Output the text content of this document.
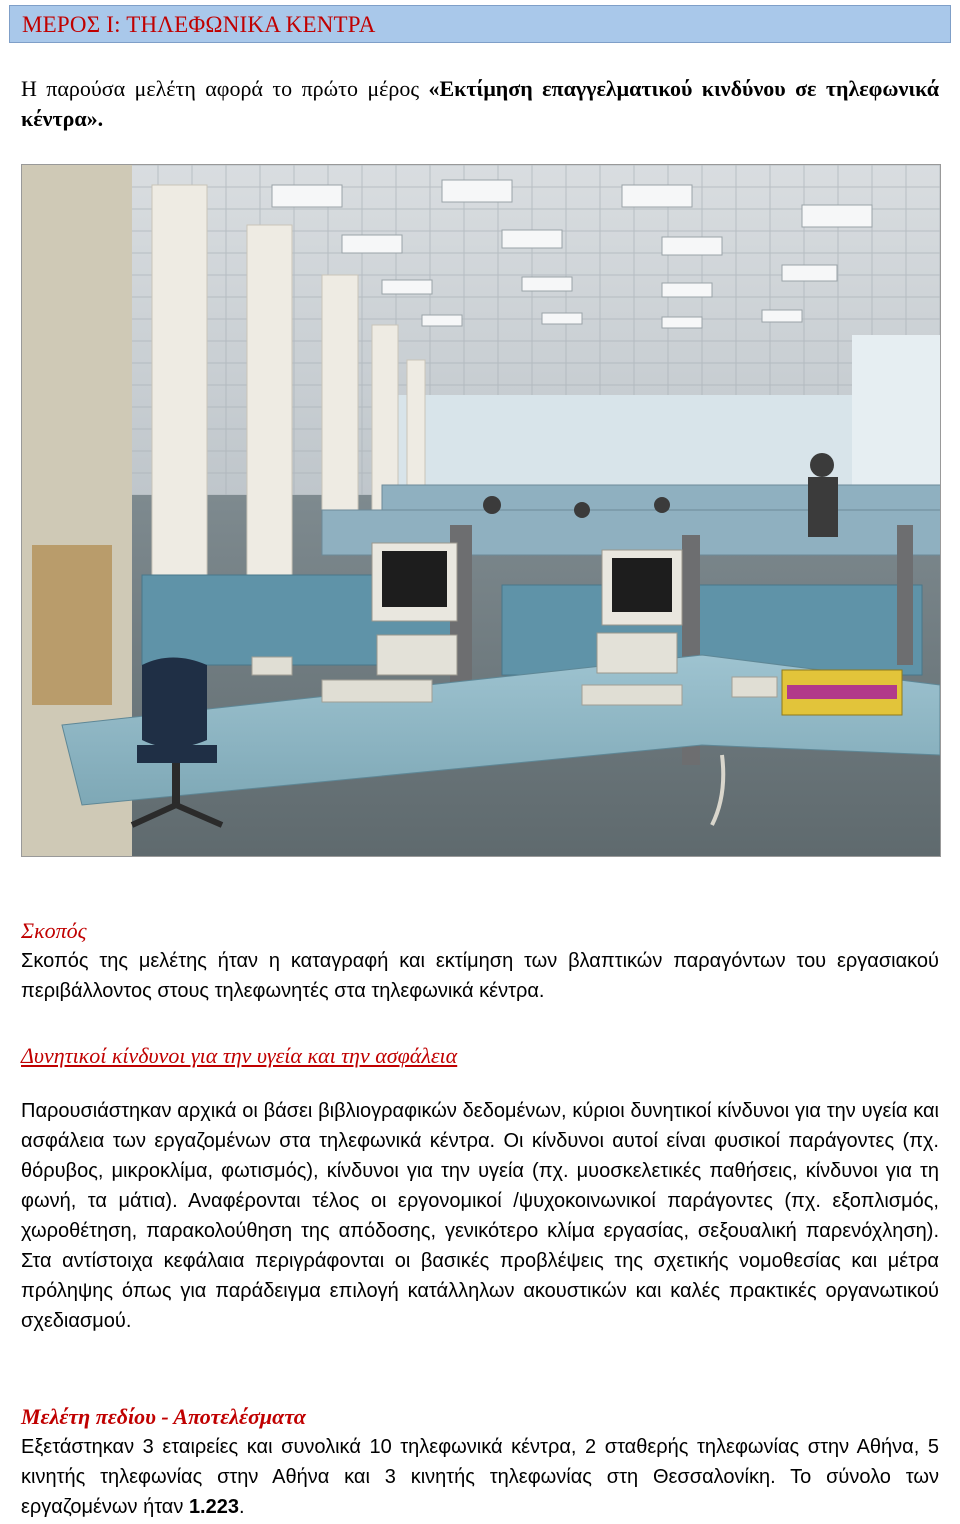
ΜΕΡΟΣ Ι: ΤΗΛΕΦΩΝΙΚΑ ΚΕΝΤΡΑ
Η παρούσα μελέτη αφορά το πρώτο μέρος «Εκτίμηση επαγγελματικού κινδύνου σε τηλεφωνικά κέντρα».
Σκοπός
Σκοπός της μελέτης ήταν η καταγραφή και εκτίμηση των βλαπτικών παραγόντων του εργασιακού περιβάλλοντος στους τηλεφωνητές στα τηλεφωνικά κέντρα.
Δυνητικοί κίνδυνοι για την υγεία και την ασφάλεια
Παρουσιάστηκαν αρχικά οι βάσει βιβλιογραφικών δεδομένων, κύριοι δυνητικοί κίνδυνοι για την υγεία και ασφάλεια των εργαζομένων στα τηλεφωνικά κέντρα. Οι κίνδυνοι αυτοί είναι φυσικοί παράγοντες (πχ. θόρυβος, μικροκλίμα, φωτισμός), κίνδυνοι για την υγεία (πχ. μυοσκελετικές παθήσεις, κίνδυνοι για τη φωνή, τα μάτια). Αναφέρονται τέλος οι εργονομικοί /ψυχοκοινωνικοί παράγοντες (πχ. εξοπλισμός, χωροθέτηση, παρακολούθηση της απόδοσης, γενικότερο κλίμα εργασίας, σεξουαλική παρενόχληση). Στα αντίστοιχα κεφάλαια περιγράφονται οι βασικές προβλέψεις της σχετικής νομοθεσίας και μέτρα πρόληψης όπως για παράδειγμα επιλογή κατάλληλων ακουστικών και καλές πρακτικές οργανωτικού σχεδιασμού.
Μελέτη πεδίου - Αποτελέσματα
Εξετάστηκαν 3 εταιρείες και συνολικά 10 τηλεφωνικά κέντρα, 2 σταθερής τηλεφωνίας στην Αθήνα, 5 κινητής τηλεφωνίας στην Αθήνα και 3 κινητής τηλεφωνίας στη Θεσσαλονίκη. Το σύνολο των εργαζομένων ήταν 1.223.
